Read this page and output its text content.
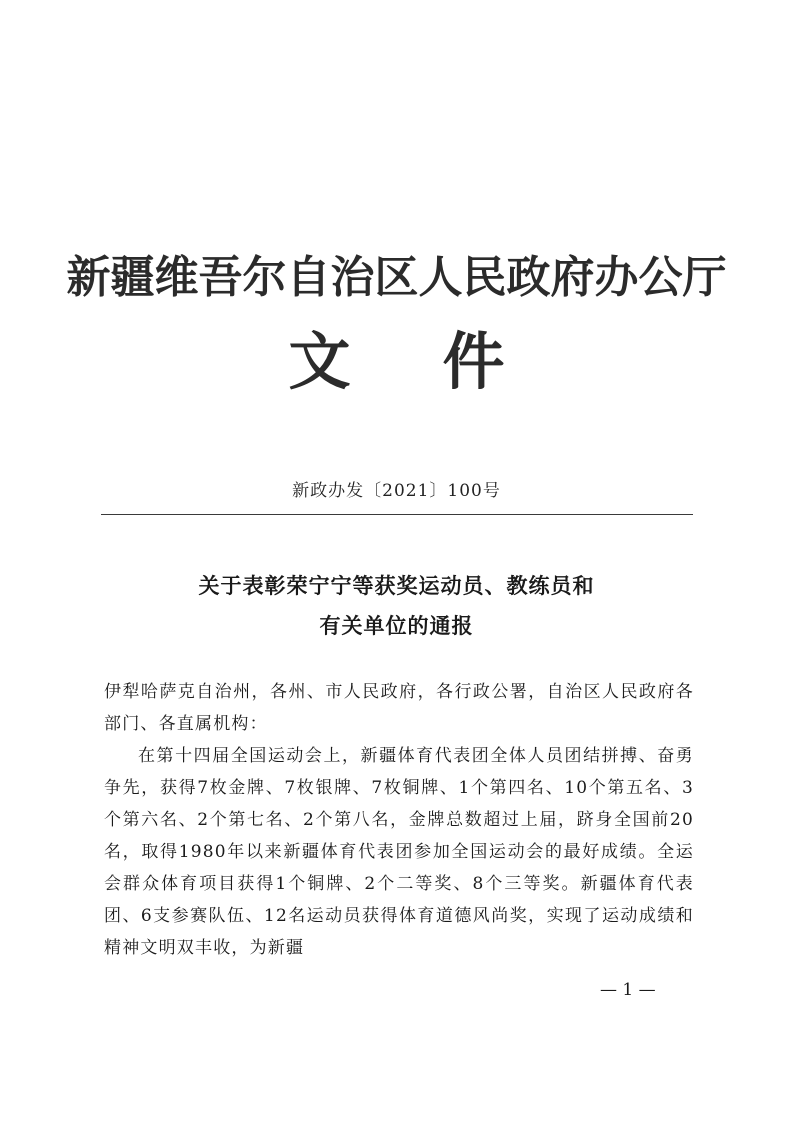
新疆维吾尔自治区人民政府办公厅
文件
新政办发〔2021〕100号
关于表彰荣宁宁等获奖运动员、教练员和
有关单位的通报

伊犁哈萨克自治州，各州、市人民政府，各行政公署，自治区人民政府各部门、各直属机构：

在第十四届全国运动会上，新疆体育代表团全体人员团结拼搏、奋勇争先，获得7枚金牌、7枚银牌、7枚铜牌、1个第四名、10个第五名、3个第六名、2个第七名、2个第八名，金牌总数超过上届，跻身全国前20名，取得1980年以来新疆体育代表团参加全国运动会的最好成绩。全运会群众体育项目获得1个铜牌、2个二等奖、8个三等奖。新疆体育代表团、6支参赛队伍、12名运动员获得体育道德风尚奖，实现了运动成绩和精神文明双丰收，为新疆

— 1 —
